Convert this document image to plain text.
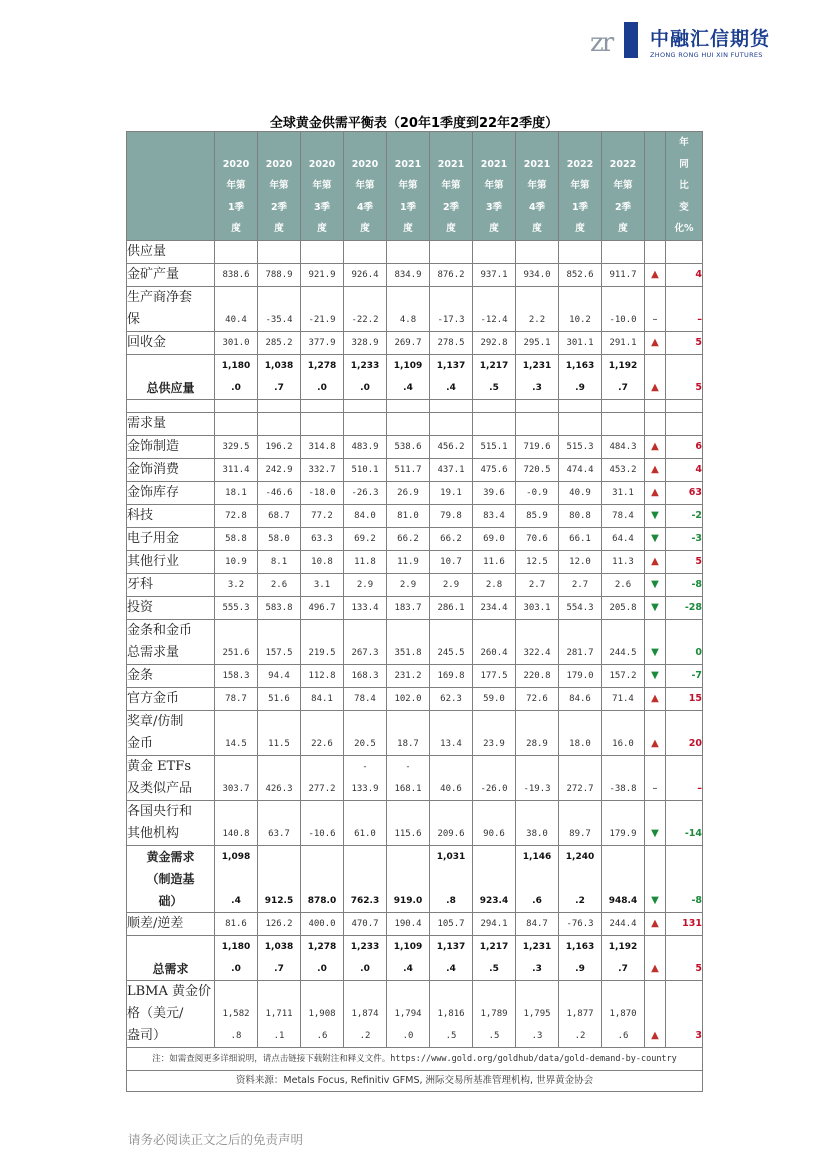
zr 中融汇信期货
ZHONG RONG HUI XIN FUTURES
全球黄金供需平衡表（20年1季度到22年2季度）
	2020
年第
1季
度	2020
年第
2季
度	2020
年第
3季
度	2020
年第
4季
度	2021
年第
1季
度	2021
年第
2季
度	2021
年第
3季
度	2021
年第
4季
度	2022
年第
1季
度	2022
年第
2季
度		年
同
比
变
化%
供应量												
金矿产量	838.6	788.9	921.9	926.4	834.9	876.2	937.1	934.0	852.6	911.7	▲	4
生产商净套
保	40.4	-35.4	-21.9	-22.2	4.8	-17.3	-12.4	2.2	10.2	-10.0	–	–
回收金	301.0	285.2	377.9	328.9	269.7	278.5	292.8	295.1	301.1	291.1	▲	5

总供应量	1,180
.0	1,038
.7	1,278
.0	1,233
.0	1,109
.4	1,137
.4	1,217
.5	1,231
.3	1,163
.9	1,192
.7	▲	5

需求量												
金饰制造	329.5	196.2	314.8	483.9	538.6	456.2	515.1	719.6	515.3	484.3	▲	6
金饰消费	311.4	242.9	332.7	510.1	511.7	437.1	475.6	720.5	474.4	453.2	▲	4
金饰库存	18.1	-46.6	-18.0	-26.3	26.9	19.1	39.6	-0.9	40.9	31.1	▲	63
科技	72.8	68.7	77.2	84.0	81.0	79.8	83.4	85.9	80.8	78.4	▼	-2
电子用金	58.8	58.0	63.3	69.2	66.2	66.2	69.0	70.6	66.1	64.4	▼	-3
其他行业	10.9	8.1	10.8	11.8	11.9	10.7	11.6	12.5	12.0	11.3	▲	5
牙科	3.2	2.6	3.1	2.9	2.9	2.9	2.8	2.7	2.7	2.6	▼	-8
投资	555.3	583.8	496.7	133.4	183.7	286.1	234.4	303.1	554.3	205.8	▼	-28
金条和金币
总需求量	251.6	157.5	219.5	267.3	351.8	245.5	260.4	322.4	281.7	244.5	▼	0
金条	158.3	94.4	112.8	168.3	231.2	169.8	177.5	220.8	179.0	157.2	▼	-7
官方金币	78.7	51.6	84.1	78.4	102.0	62.3	59.0	72.6	84.6	71.4	▲	15
奖章/仿制
金币	14.5	11.5	22.6	20.5	18.7	13.4	23.9	28.9	18.0	16.0	▲	20
黄金 ETFs
及类似产品	303.7	426.3	277.2	-
133.9	-
168.1	40.6	-26.0	-19.3	272.7	-38.8	–	–
各国央行和
其他机构	140.8	63.7	-10.6	61.0	115.6	209.6	90.6	38.0	89.7	179.9	▼	-14
黄金需求
（制造基
础）	1,098

.4	912.5	878.0	762.3	919.0	1,031

.8	923.4	1,146

.6	1,240

.2	948.4	▼	-8
顺差/逆差	81.6	126.2	400.0	470.7	190.4	105.7	294.1	84.7	-76.3	244.4	▲	131

总需求	1,180
.0	1,038
.7	1,278
.0	1,233
.0	1,109
.4	1,137
.4	1,217
.5	1,231
.3	1,163
.9	1,192
.7	▲	5
LBMA 黄金价
格（美元/
盎司）	1,582
.8	1,711
.1	1,908
.6	1,874
.2	1,794
.0	1,816
.5	1,789
.5	1,795
.3	1,877
.2	1,870
.6	▲	3
注：如需查阅更多详细说明，请点击链接下载附注和释义文件。https://www.gold.org/goldhub/data/gold-demand-by-country												
资料来源：Metals Focus, Refinitiv GFMS, 洲际交易所基准管理机构, 世界黄金协会												
请务必阅读正文之后的免责声明
